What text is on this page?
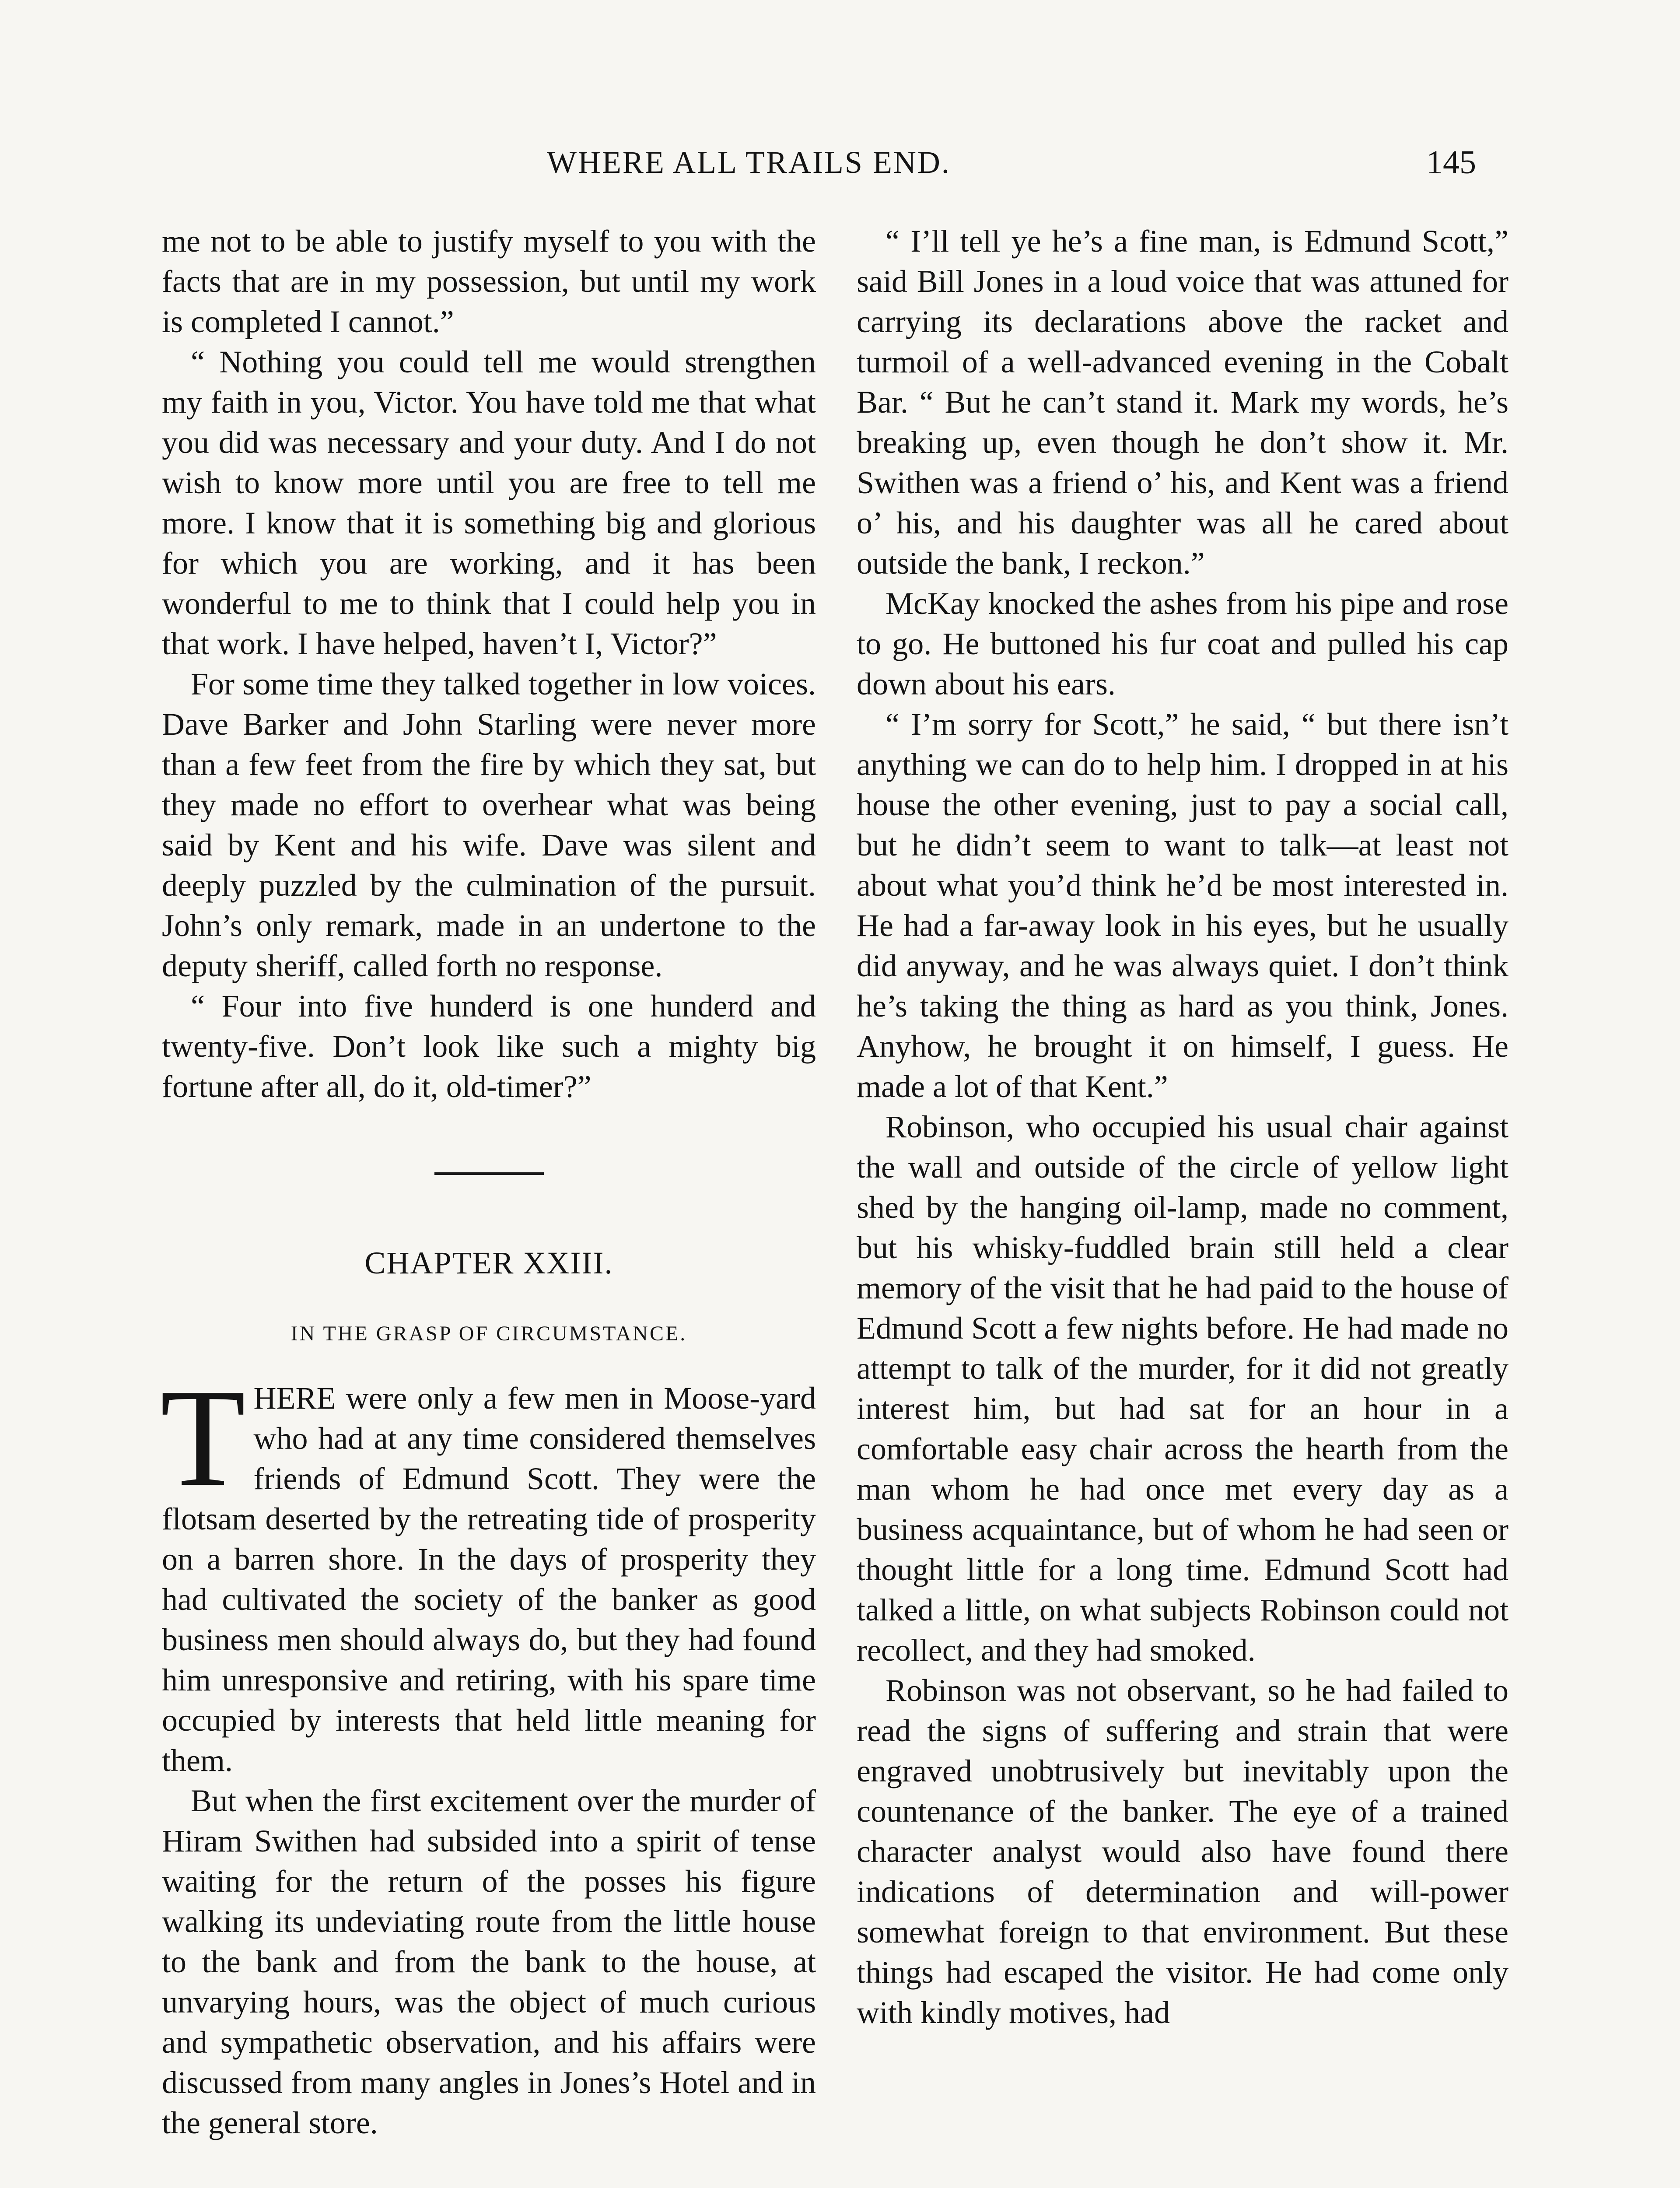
WHERE ALL TRAILS END.	145

me not to be able to justify myself to you with the facts that are in my possession, but until my work is completed I cannot.”

“ Nothing you could tell me would strengthen my faith in you, Victor. You have told me that what you did was necessary and your duty. And I do not wish to know more until you are free to tell me more. I know that it is something big and glorious for which you are working, and it has been wonderful to me to think that I could help you in that work. I have helped, haven’t I, Victor?”

For some time they talked together in low voices. Dave Barker and John Starling were never more than a few feet from the fire by which they sat, but they made no effort to overhear what was being said by Kent and his wife. Dave was silent and deeply puzzled by the culmination of the pursuit. John’s only remark, made in an undertone to the deputy sheriff, called forth no response.

“ Four into five hunderd is one hunderd and twenty-five. Don’t look like such a mighty big fortune after all, do it, old-timer?”

CHAPTER XXIII.
IN THE GRASP OF CIRCUMSTANCE.

THERE were only a few men in Moose-yard who had at any time considered themselves friends of Edmund Scott. They were the flotsam deserted by the retreating tide of prosperity on a barren shore. In the days of prosperity they had cultivated the society of the banker as good business men should always do, but they had found him unresponsive and retiring, with his spare time occupied by interests that held little meaning for them.

But when the first excitement over the murder of Hiram Swithen had subsided into a spirit of tense waiting for the return of the posses his figure walking its undeviating route from the little house to the bank and from the bank to the house, at unvarying hours, was the object of much curious and sympathetic observation, and his affairs were discussed from many angles in Jones’s Hotel and in the general store.

“ I’ll tell ye he’s a fine man, is Edmund Scott,” said Bill Jones in a loud voice that was attuned for carrying its declarations above the racket and turmoil of a well-advanced evening in the Cobalt Bar. “ But he can’t stand it. Mark my words, he’s breaking up, even though he don’t show it. Mr. Swithen was a friend o’ his, and Kent was a friend o’ his, and his daughter was all he cared about outside the bank, I reckon.”

McKay knocked the ashes from his pipe and rose to go. He buttoned his fur coat and pulled his cap down about his ears.

“ I’m sorry for Scott,” he said, “ but there isn’t anything we can do to help him. I dropped in at his house the other evening, just to pay a social call, but he didn’t seem to want to talk—at least not about what you’d think he’d be most interested in. He had a far-away look in his eyes, but he usually did anyway, and he was always quiet. I don’t think he’s taking the thing as hard as you think, Jones. Anyhow, he brought it on himself, I guess. He made a lot of that Kent.”

Robinson, who occupied his usual chair against the wall and outside of the circle of yellow light shed by the hanging oil-lamp, made no comment, but his whisky-fuddled brain still held a clear memory of the visit that he had paid to the house of Edmund Scott a few nights before. He had made no attempt to talk of the murder, for it did not greatly interest him, but had sat for an hour in a comfortable easy chair across the hearth from the man whom he had once met every day as a business acquaintance, but of whom he had seen or thought little for a long time. Edmund Scott had talked a little, on what subjects Robinson could not recollect, and they had smoked.

Robinson was not observant, so he had failed to read the signs of suffering and strain that were engraved unobtrusively but inevitably upon the countenance of the banker. The eye of a trained character analyst would also have found there indications of determination and will-power somewhat foreign to that environment. But these things had escaped the visitor. He had come only with kindly motives, had
